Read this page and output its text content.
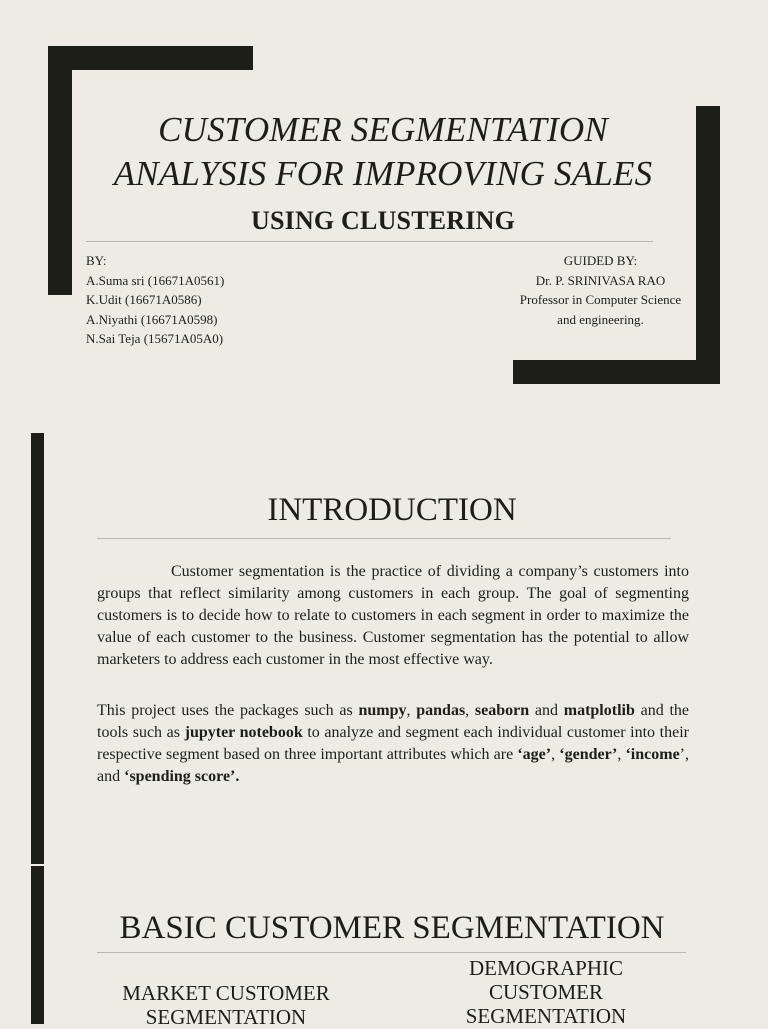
CUSTOMER SEGMENTATION ANALYSIS FOR IMPROVING SALES USING CLUSTERING
BY:
A.Suma sri (16671A0561)
K.Udit (16671A0586)
A.Niyathi (16671A0598)
N.Sai Teja (15671A05A0)
GUIDED BY:
Dr. P. SRINIVASA RAO
Professor in Computer Science
and engineering.
INTRODUCTION

Customer segmentation is the practice of dividing a company’s customers into groups that reflect similarity among customers in each group. The goal of segmenting customers is to decide how to relate to customers in each segment in order to maximize the value of each customer to the business. Customer segmentation has the potential to allow marketers to address each customer in the most effective way.

This project uses the packages such as numpy, pandas, seaborn and matplotlib and the tools such as jupyter notebook to analyze and segment each individual customer into their respective segment based on three important attributes which are ‘age’, ‘gender’, ‘income’, and ‘spending score’.

BASIC CUSTOMER SEGMENTATION
MARKET CUSTOMER
SEGMENTATION
DEMOGRAPHIC
CUSTOMER
SEGMENTATION
